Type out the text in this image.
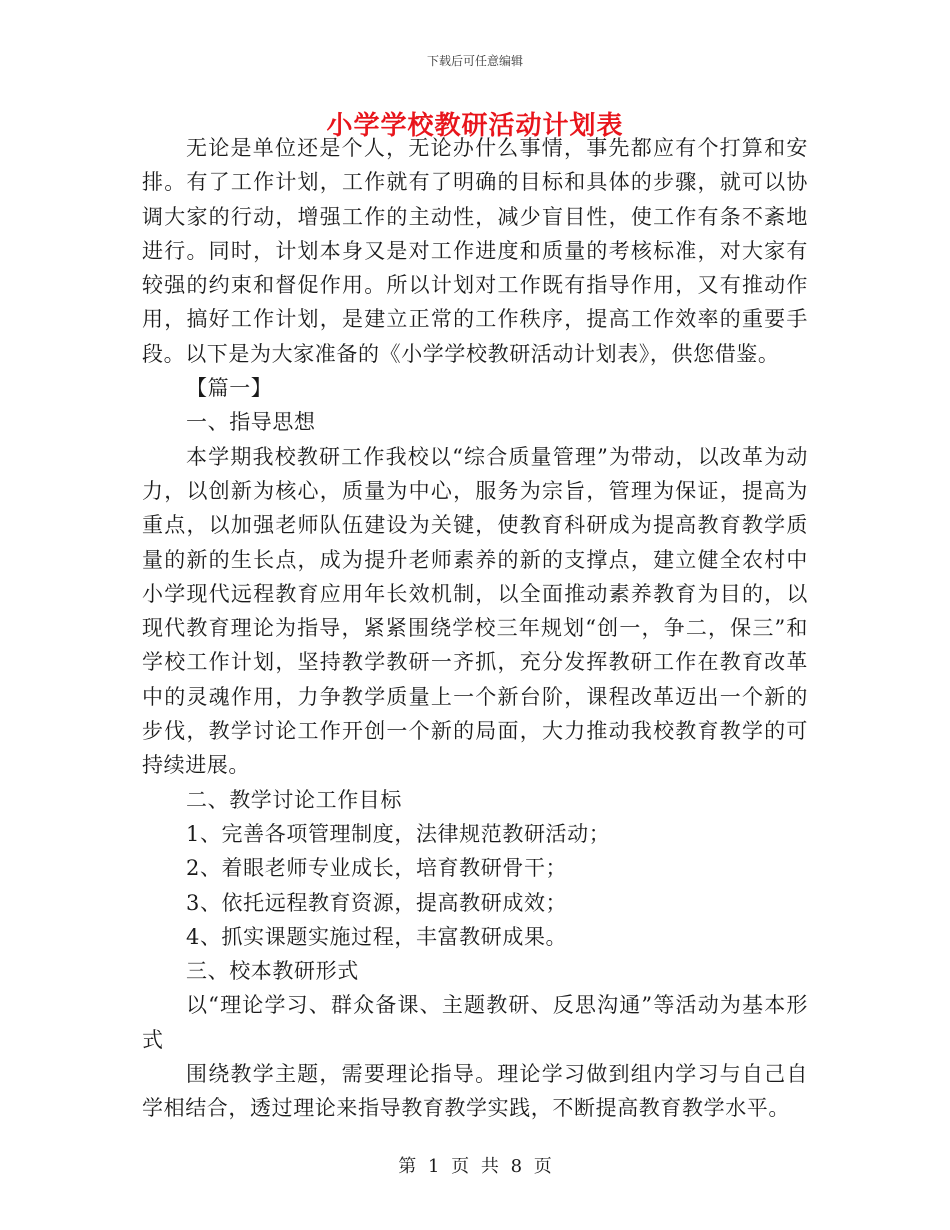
下载后可任意编辑
小学学校教研活动计划表

无论是单位还是个人，无论办什么事情，事先都应有个打算和安排。有了工作计划，工作就有了明确的目标和具体的步骤，就可以协调大家的行动，增强工作的主动性，减少盲目性，使工作有条不紊地进行。同时，计划本身又是对工作进度和质量的考核标准，对大家有较强的约束和督促作用。所以计划对工作既有指导作用，又有推动作用，搞好工作计划，是建立正常的工作秩序，提高工作效率的重要手段。以下是为大家准备的《小学学校教研活动计划表》，供您借鉴。

【篇一】

一、指导思想

本学期我校教研工作我校以“综合质量管理”为带动，以改革为动力，以创新为核心，质量为中心，服务为宗旨，管理为保证，提高为重点，以加强老师队伍建设为关键，使教育科研成为提高教育教学质量的新的生长点，成为提升老师素养的新的支撑点，建立健全农村中小学现代远程教育应用年长效机制，以全面推动素养教育为目的，以现代教育理论为指导，紧紧围绕学校三年规划“创一，争二，保三”和学校工作计划，坚持教学教研一齐抓，充分发挥教研工作在教育改革中的灵魂作用，力争教学质量上一个新台阶，课程改革迈出一个新的步伐，教学讨论工作开创一个新的局面，大力推动我校教育教学的可持续进展。

二、教学讨论工作目标

1、完善各项管理制度，法律规范教研活动；

2、着眼老师专业成长，培育教研骨干；

3、依托远程教育资源，提高教研成效；

4、抓实课题实施过程，丰富教研成果。

三、校本教研形式

以“理论学习、群众备课、主题教研、反思沟通”等活动为基本形式

围绕教学主题，需要理论指导。理论学习做到组内学习与自己自学相结合，透过理论来指导教育教学实践，不断提高教育教学水平。

第 1 页 共 8 页
